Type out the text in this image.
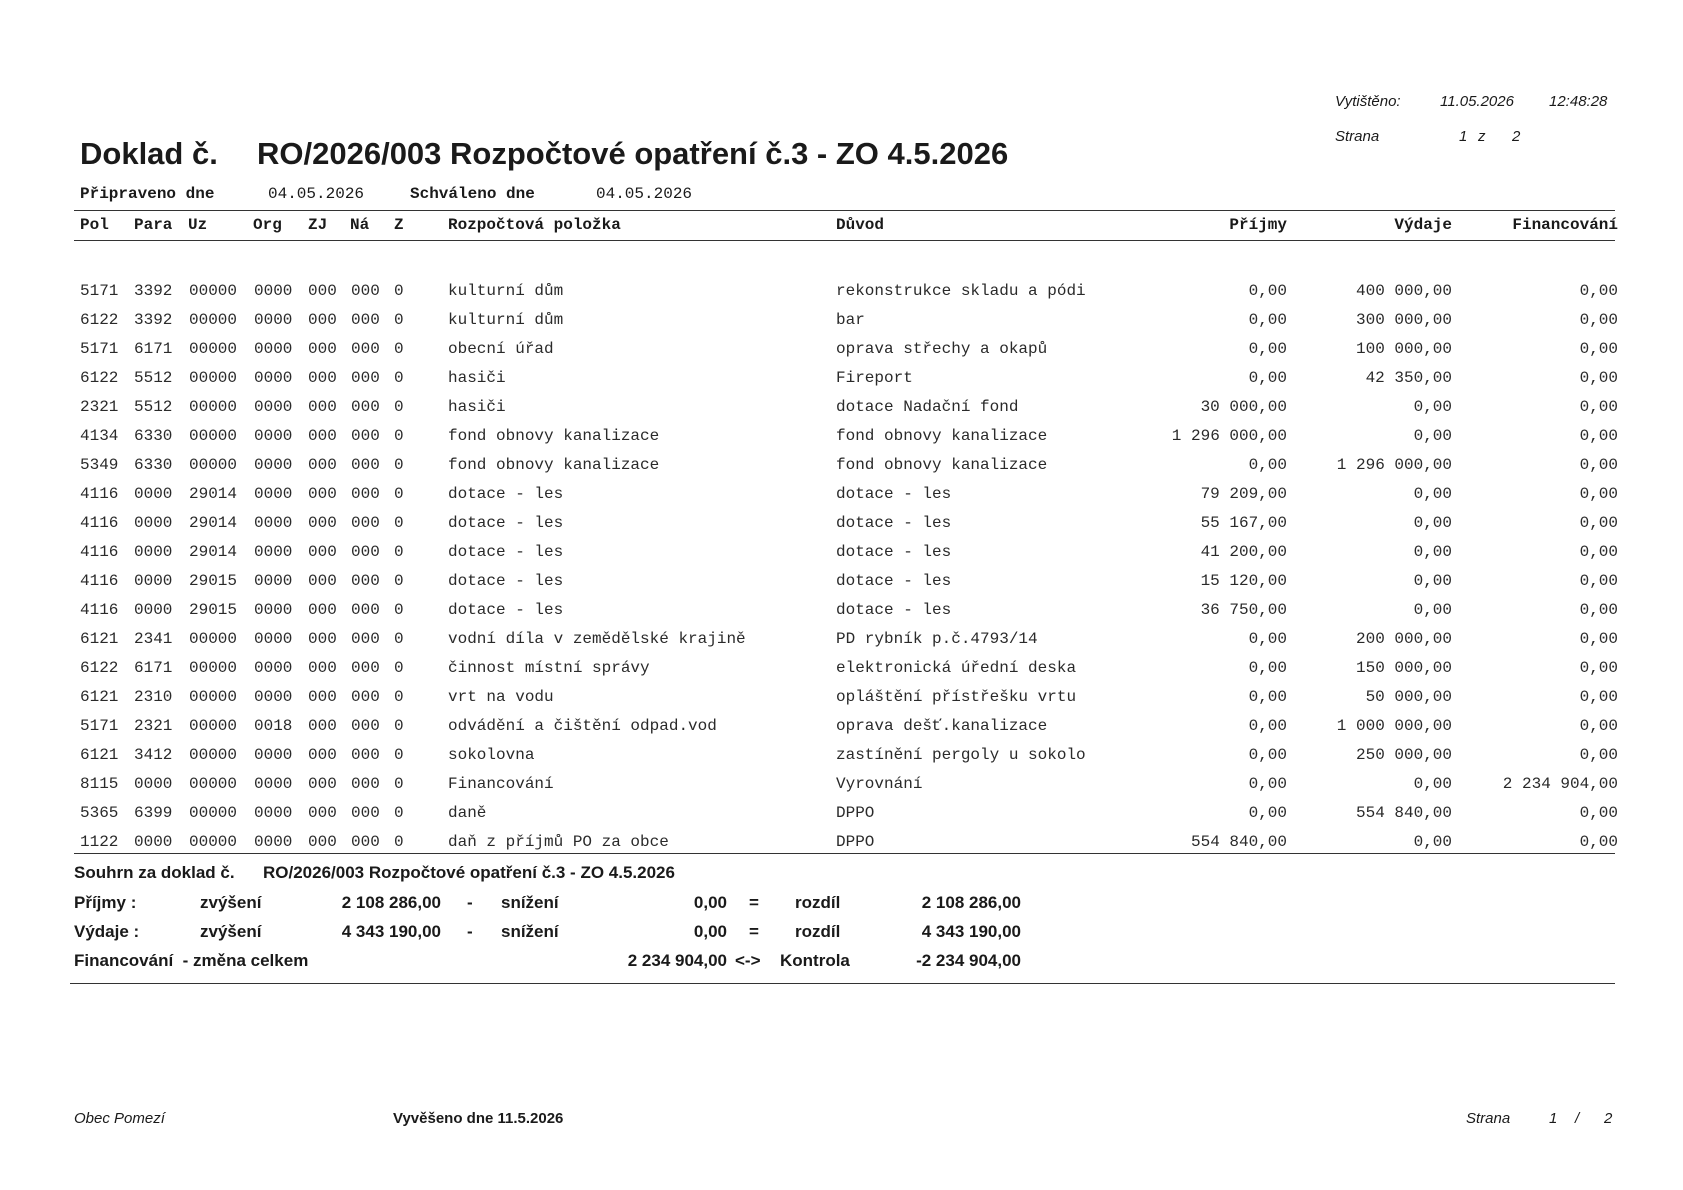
Vytištěno:	11.05.2026 12:48:28
Strana	1 z 2
Doklad č. RO/2026/003 Rozpočtové opatření č.3 - ZO 4.5.2026
Připraveno dne	04.05.2026	Schváleno dne	04.05.2026
Pol Para Uz	Org ZJ Ná Z	Rozpočtová položka	Důvod	Příjmy	Výdaje	Financování
5171 3392 00000 0000 000 000 0	kulturní dům	rekonstrukce skladu a pódi	0,00	400 000,00	0,00
6122 3392 00000 0000 000 000 0	kulturní dům	bar	0,00	300 000,00	0,00
5171 6171 00000 0000 000 000 0	obecní úřad	oprava střechy a okapů	0,00	100 000,00	0,00
6122 5512 00000 0000 000 000 0	hasiči	Fireport	0,00	42 350,00	0,00
2321 5512 00000 0000 000 000 0	hasiči	dotace Nadační fond	30 000,00	0,00	0,00
4134 6330 00000 0000 000 000 0	fond obnovy kanalizace	fond obnovy kanalizace	1 296 000,00	0,00	0,00
5349 6330 00000 0000 000 000 0	fond obnovy kanalizace	fond obnovy kanalizace	0,00	1 296 000,00	0,00
4116 0000 29014 0000 000 000 0	dotace - les	dotace - les	79 209,00	0,00	0,00
4116 0000 29014 0000 000 000 0	dotace - les	dotace - les	55 167,00	0,00	0,00
4116 0000 29014 0000 000 000 0	dotace - les	dotace - les	41 200,00	0,00	0,00
4116 0000 29015 0000 000 000 0	dotace - les	dotace - les	15 120,00	0,00	0,00
4116 0000 29015 0000 000 000 0	dotace - les	dotace - les	36 750,00	0,00	0,00
6121 2341 00000 0000 000 000 0	vodní díla v zemědělské krajině	PD rybník p.č.4793/14	0,00	200 000,00	0,00
6122 6171 00000 0000 000 000 0	činnost místní správy	elektronická úřední deska	0,00	150 000,00	0,00
6121 2310 00000 0000 000 000 0	vrt na vodu	opláštění přístřešku vrtu	0,00	50 000,00	0,00
5171 2321 00000 0018 000 000 0	odvádění a čištění odpad.vod	oprava dešť.kanalizace	0,00	1 000 000,00	0,00
6121 3412 00000 0000 000 000 0	sokolovna	zastínění pergoly u sokolo	0,00	250 000,00	0,00
8115 0000 00000 0000 000 000 0	Financování	Vyrovnání	0,00	0,00	2 234 904,00
5365 6399 00000 0000 000 000 0	daně	DPPO	0,00	554 840,00	0,00
1122 0000 00000 0000 000 000 0	daň z příjmů PO za obce	DPPO	554 840,00	0,00	0,00
Souhrn za doklad č. RO/2026/003 Rozpočtové opatření č.3 - ZO 4.5.2026
Příjmy :	zvýšení	2 108 286,00 - snížení	0,00 = rozdíl	2 108 286,00
Výdaje :	zvýšení	4 343 190,00 - snížení	0,00 = rozdíl	4 343 190,00
Financování  - změna celkem	2 234 904,00 <-> Kontrola	-2 234 904,00
Obec Pomezí	Vyvěšeno dne 11.5.2026	Strana	1 / 2
